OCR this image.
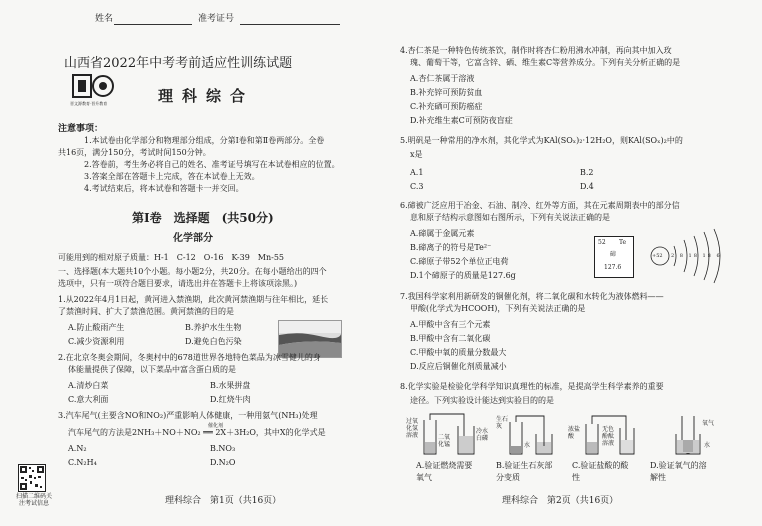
姓名	准考证号
山西省2022年中考考前适应性训练试题
晋文源教育·晋升教育	理科综合
注意事项：
1.本试卷由化学部分和物理部分组成，分第Ⅰ卷和第Ⅱ卷两部分。全卷
共16页，满分150分，考试时间150分钟。
2.答卷前，考生务必将自己的姓名、准考证号填写在本试卷相应的位置。
3.答案全部在答题卡上完成，答在本试卷上无效。
4.考试结束后，将本试卷和答题卡一并交回。
第Ⅰ卷　选择题　(共50分)
化学部分
可能用到的相对原子质量：H-1　C-12　O-16　K-39　Mn-55
一、选择题(本大题共10个小题。每小题2分，共20分。在每小题给出的四个
选项中，只有一项符合题目要求，请选出并在答题卡上将该项涂黑。)
1.从2022年4月1日起，黄河进入禁渔期，此次黄河禁渔期与往年相比，延长
了禁渔时间、扩大了禁渔范围。黄河禁渔的目的是
A.防止酸雨产生	B.养护水生生物
C.减少资源利用	D.避免白色污染
2.在北京冬奥会期间，冬奥村中的678道世界各地特色菜品为冰雪健儿的身
体能量提供了保障，以下菜品中富含蛋白质的是
A.清炒白菜	B.水果拼盘
C.意大利面	D.红烧牛肉
3.汽车尾气(主要含NO和NO₂)严重影响人体健康，一种用氨气(NH₃)处理
催化剂
汽车尾气的方法是2NH₃＋NO＋NO₂ ══ 2X＋3H₂O，其中X的化学式是
A.N₂	B.NO₃
C.N₂H₄	D.N₂O
扫描二维码关注考试信息	理科综合　第1页（共16页）
4.杏仁茶是一种特色传统茶饮，制作时将杏仁粉用沸水冲制，再向其中加入玫
瑰、葡萄干等，它富含锌、硒、维生素C等营养成分。下列有关分析正确的是
A.杏仁茶属于溶液
B.补充锌可预防贫血
C.补充硒可预防癌症
D.补充维生素C可预防夜盲症
5.明矾是一种常用的净水剂，其化学式为KAl(SOₓ)₂·12H₂O，则KAl(SOₓ)₂中的
x是
A.1	B.2
C.3	D.4
6.碲被广泛应用于冶金、石油、制冷、红外等方面，其在元素周期表中的部分信
息和原子结构示意图如右图所示，下列有关说法正确的是
A.碲属于金属元素
B.碲离子的符号是Te²⁻
C.碲原子带52个单位正电荷
D.1个碲原子的质量是127.6g
52 Te
碲
127.6
+52 2 8 18 18 6
7.我国科学家利用新研发的铜催化剂，将二氧化碳和水转化为液体燃料——
甲酸(化学式为HCOOH)，下列有关说法正确的是
A.甲酸中含有三个元素
B.甲酸中含有二氧化碳
C.甲酸中氧的质量分数最大
D.反应后铜催化剂质量减小
8.化学实验是检验化学科学知识真理性的标准，是提高学生科学素养的重要
途径。下列实验设计能达到实验目的的是
过氧化氢溶液	二氧化锰
冷水白磷
生石灰
水
浓盐酸
无色酚酞溶液
氧气
水
A.验证燃烧需要氧气
B.验证生石灰部分变质
C.验证盐酸的酸性
D.验证氧气的溶解性
理科综合　第2页（共16页）
